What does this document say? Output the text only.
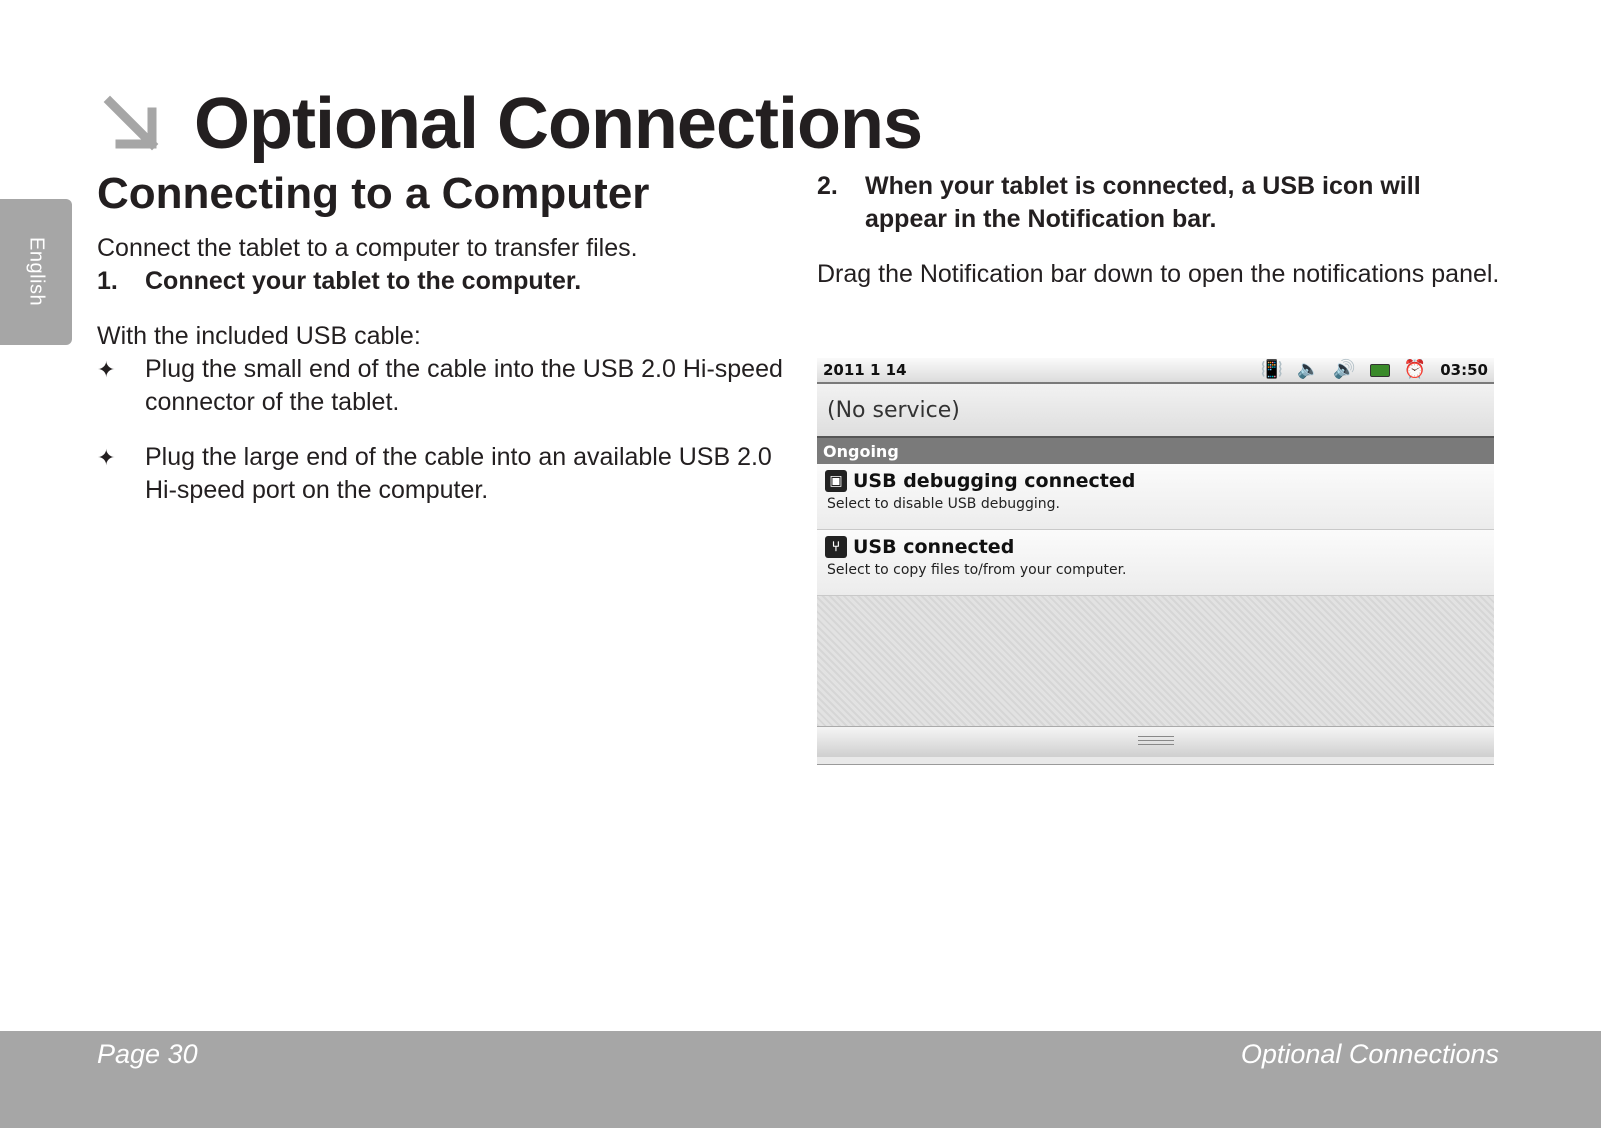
Optional Connections
English
Connecting to a Computer

Connect the tablet to a computer to transfer files.

1.	Connect your tablet to the computer.

With the included USB cable:

✦	Plug the small end of the cable into the USB 2.0 Hi-speed connector of the tablet.
✦	Plug the large end of the cable into an available USB 2.0 Hi-speed port on the computer.
2.	When your tablet is connected, a USB icon will appear in the Notification bar.

Drag the Notification bar down to open the notifications panel.

2011 1 14	📳 🔈 🔊	⏰ 03:50
(No service)
Ongoing
▣ USB debugging connected
Select to disable USB debugging.
⑂ USB connected
Select to copy files to/from your computer.
Page 30	Optional Connections
